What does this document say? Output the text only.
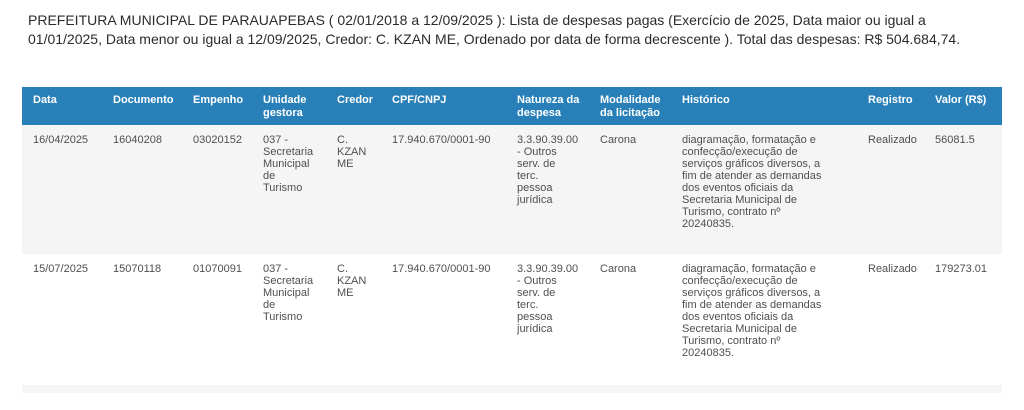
PREFEITURA MUNICIPAL DE PARAUAPEBAS ( 02/01/2018 a 12/09/2025 ): Lista de despesas pagas (Exercício de 2025, Data maior ou igual a 01/01/2025, Data menor ou igual a 12/09/2025, Credor: C. KZAN ME, Ordenado por data de forma decrescente ). Total das despesas: R$ 504.684,74.

Data	Documento	Empenho	Unidade gestora	Credor	CPF/CNPJ	Natureza da despesa	Modalidade da licitação	Histórico	Registro	Valor (R$)

16/04/2025	16040208	03020152	037 - Secretaria Municipal de Turismo	C. KZAN ME	17.940.670/0001-90	3.3.90.39.00 - Outros serv. de terc. pessoa jurídica	Carona	diagramação, formatação e confecção/execução de serviços gráficos diversos, a fim de atender as demandas dos eventos oficiais da Secretaria Municipal de Turismo, contrato nº 20240835.	Realizado	56081.5
15/07/2025	15070118	01070091	037 - Secretaria Municipal de Turismo	C. KZAN ME	17.940.670/0001-90	3.3.90.39.00 - Outros serv. de terc. pessoa jurídica	Carona	diagramação, formatação e confecção/execução de serviços gráficos diversos, a fim de atender as demandas dos eventos oficiais da Secretaria Municipal de Turismo, contrato nº 20240835.	Realizado	179273.01
